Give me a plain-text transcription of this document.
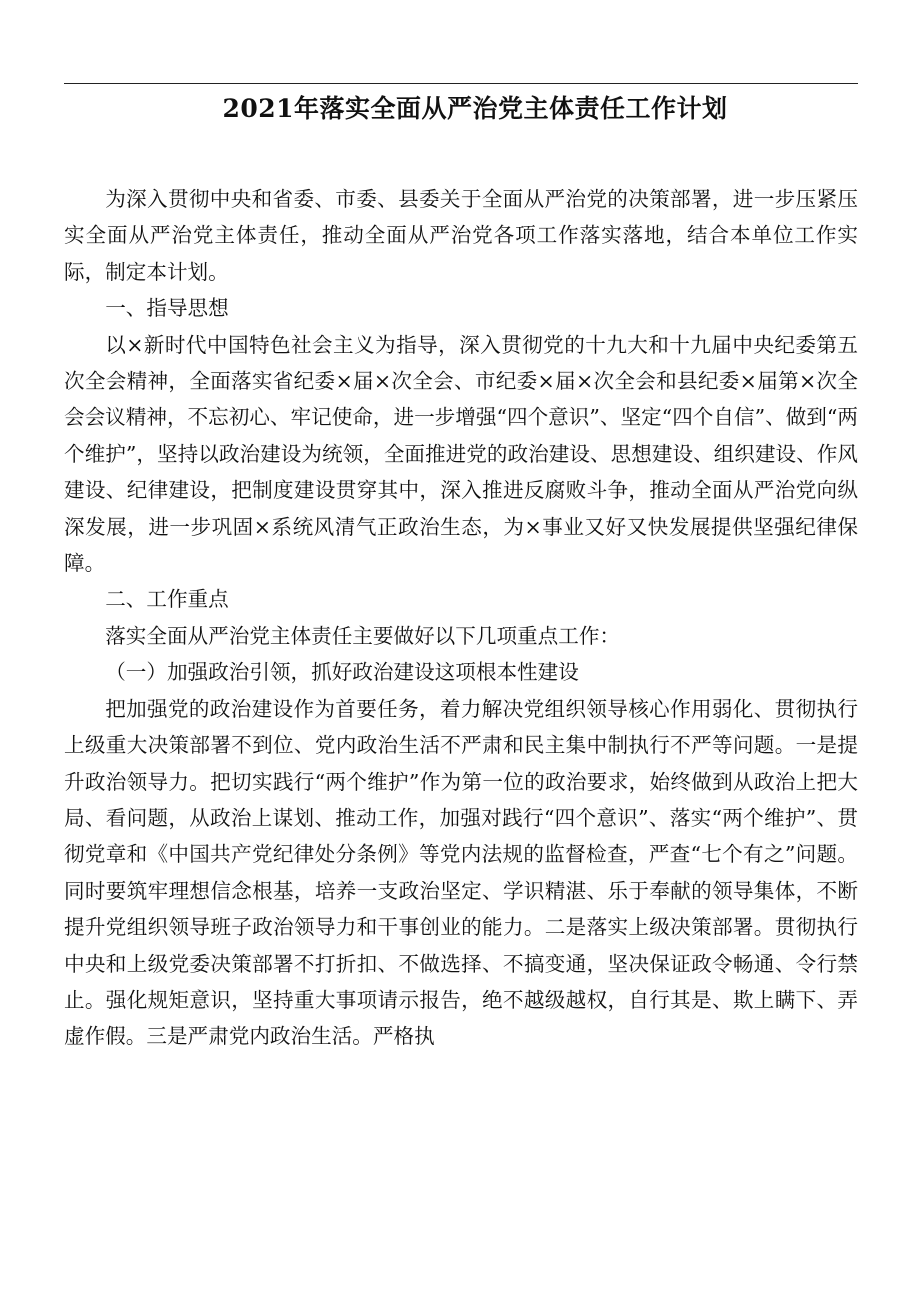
2021年落实全面从严治党主体责任工作计划

为深入贯彻中央和省委、市委、县委关于全面从严治党的决策部署，进一步压紧压实全面从严治党主体责任，推动全面从严治党各项工作落实落地，结合本单位工作实际，制定本计划。

一、指导思想

以×新时代中国特色社会主义为指导，深入贯彻党的十九大和十九届中央纪委第五次全会精神，全面落实省纪委×届×次全会、市纪委×届×次全会和县纪委×届第×次全会会议精神，不忘初心、牢记使命，进一步增强“四个意识”、坚定“四个自信”、做到“两个维护”，坚持以政治建设为统领，全面推进党的政治建设、思想建设、组织建设、作风建设、纪律建设，把制度建设贯穿其中，深入推进反腐败斗争，推动全面从严治党向纵深发展，进一步巩固×系统风清气正政治生态，为×事业又好又快发展提供坚强纪律保障。

二、工作重点

落实全面从严治党主体责任主要做好以下几项重点工作：

（一）加强政治引领，抓好政治建设这项根本性建设

把加强党的政治建设作为首要任务，着力解决党组织领导核心作用弱化、贯彻执行上级重大决策部署不到位、党内政治生活不严肃和民主集中制执行不严等问题。一是提升政治领导力。把切实践行“两个维护”作为第一位的政治要求，始终做到从政治上把大局、看问题，从政治上谋划、推动工作，加强对践行“四个意识”、落实“两个维护”、贯彻党章和《中国共产党纪律处分条例》等党内法规的监督检查，严查“七个有之”问题。同时要筑牢理想信念根基，培养一支政治坚定、学识精湛、乐于奉献的领导集体，不断提升党组织领导班子政治领导力和干事创业的能力。二是落实上级决策部署。贯彻执行中央和上级党委决策部署不打折扣、不做选择、不搞变通，坚决保证政令畅通、令行禁止。强化规矩意识，坚持重大事项请示报告，绝不越级越权，自行其是、欺上瞒下、弄虚作假。三是严肃党内政治生活。严格执
